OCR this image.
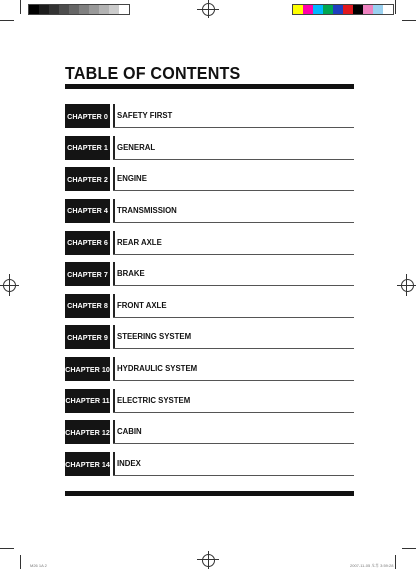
TABLE OF CONTENTS
CHAPTER 0 SAFETY FIRST
CHAPTER 1 GENERAL
CHAPTER 2 ENGINE
CHAPTER 4 TRANSMISSION
CHAPTER 6 REAR AXLE
CHAPTER 7 BRAKE
CHAPTER 8 FRONT AXLE
CHAPTER 9 STEERING SYSTEM
CHAPTER 10 HYDRAULIC SYSTEM
CHAPTER 11 ELECTRIC SYSTEM
CHAPTER 12 CABIN
CHAPTER 14 INDEX
M26 1A 2	2007-11-05 오후 3:59:28
